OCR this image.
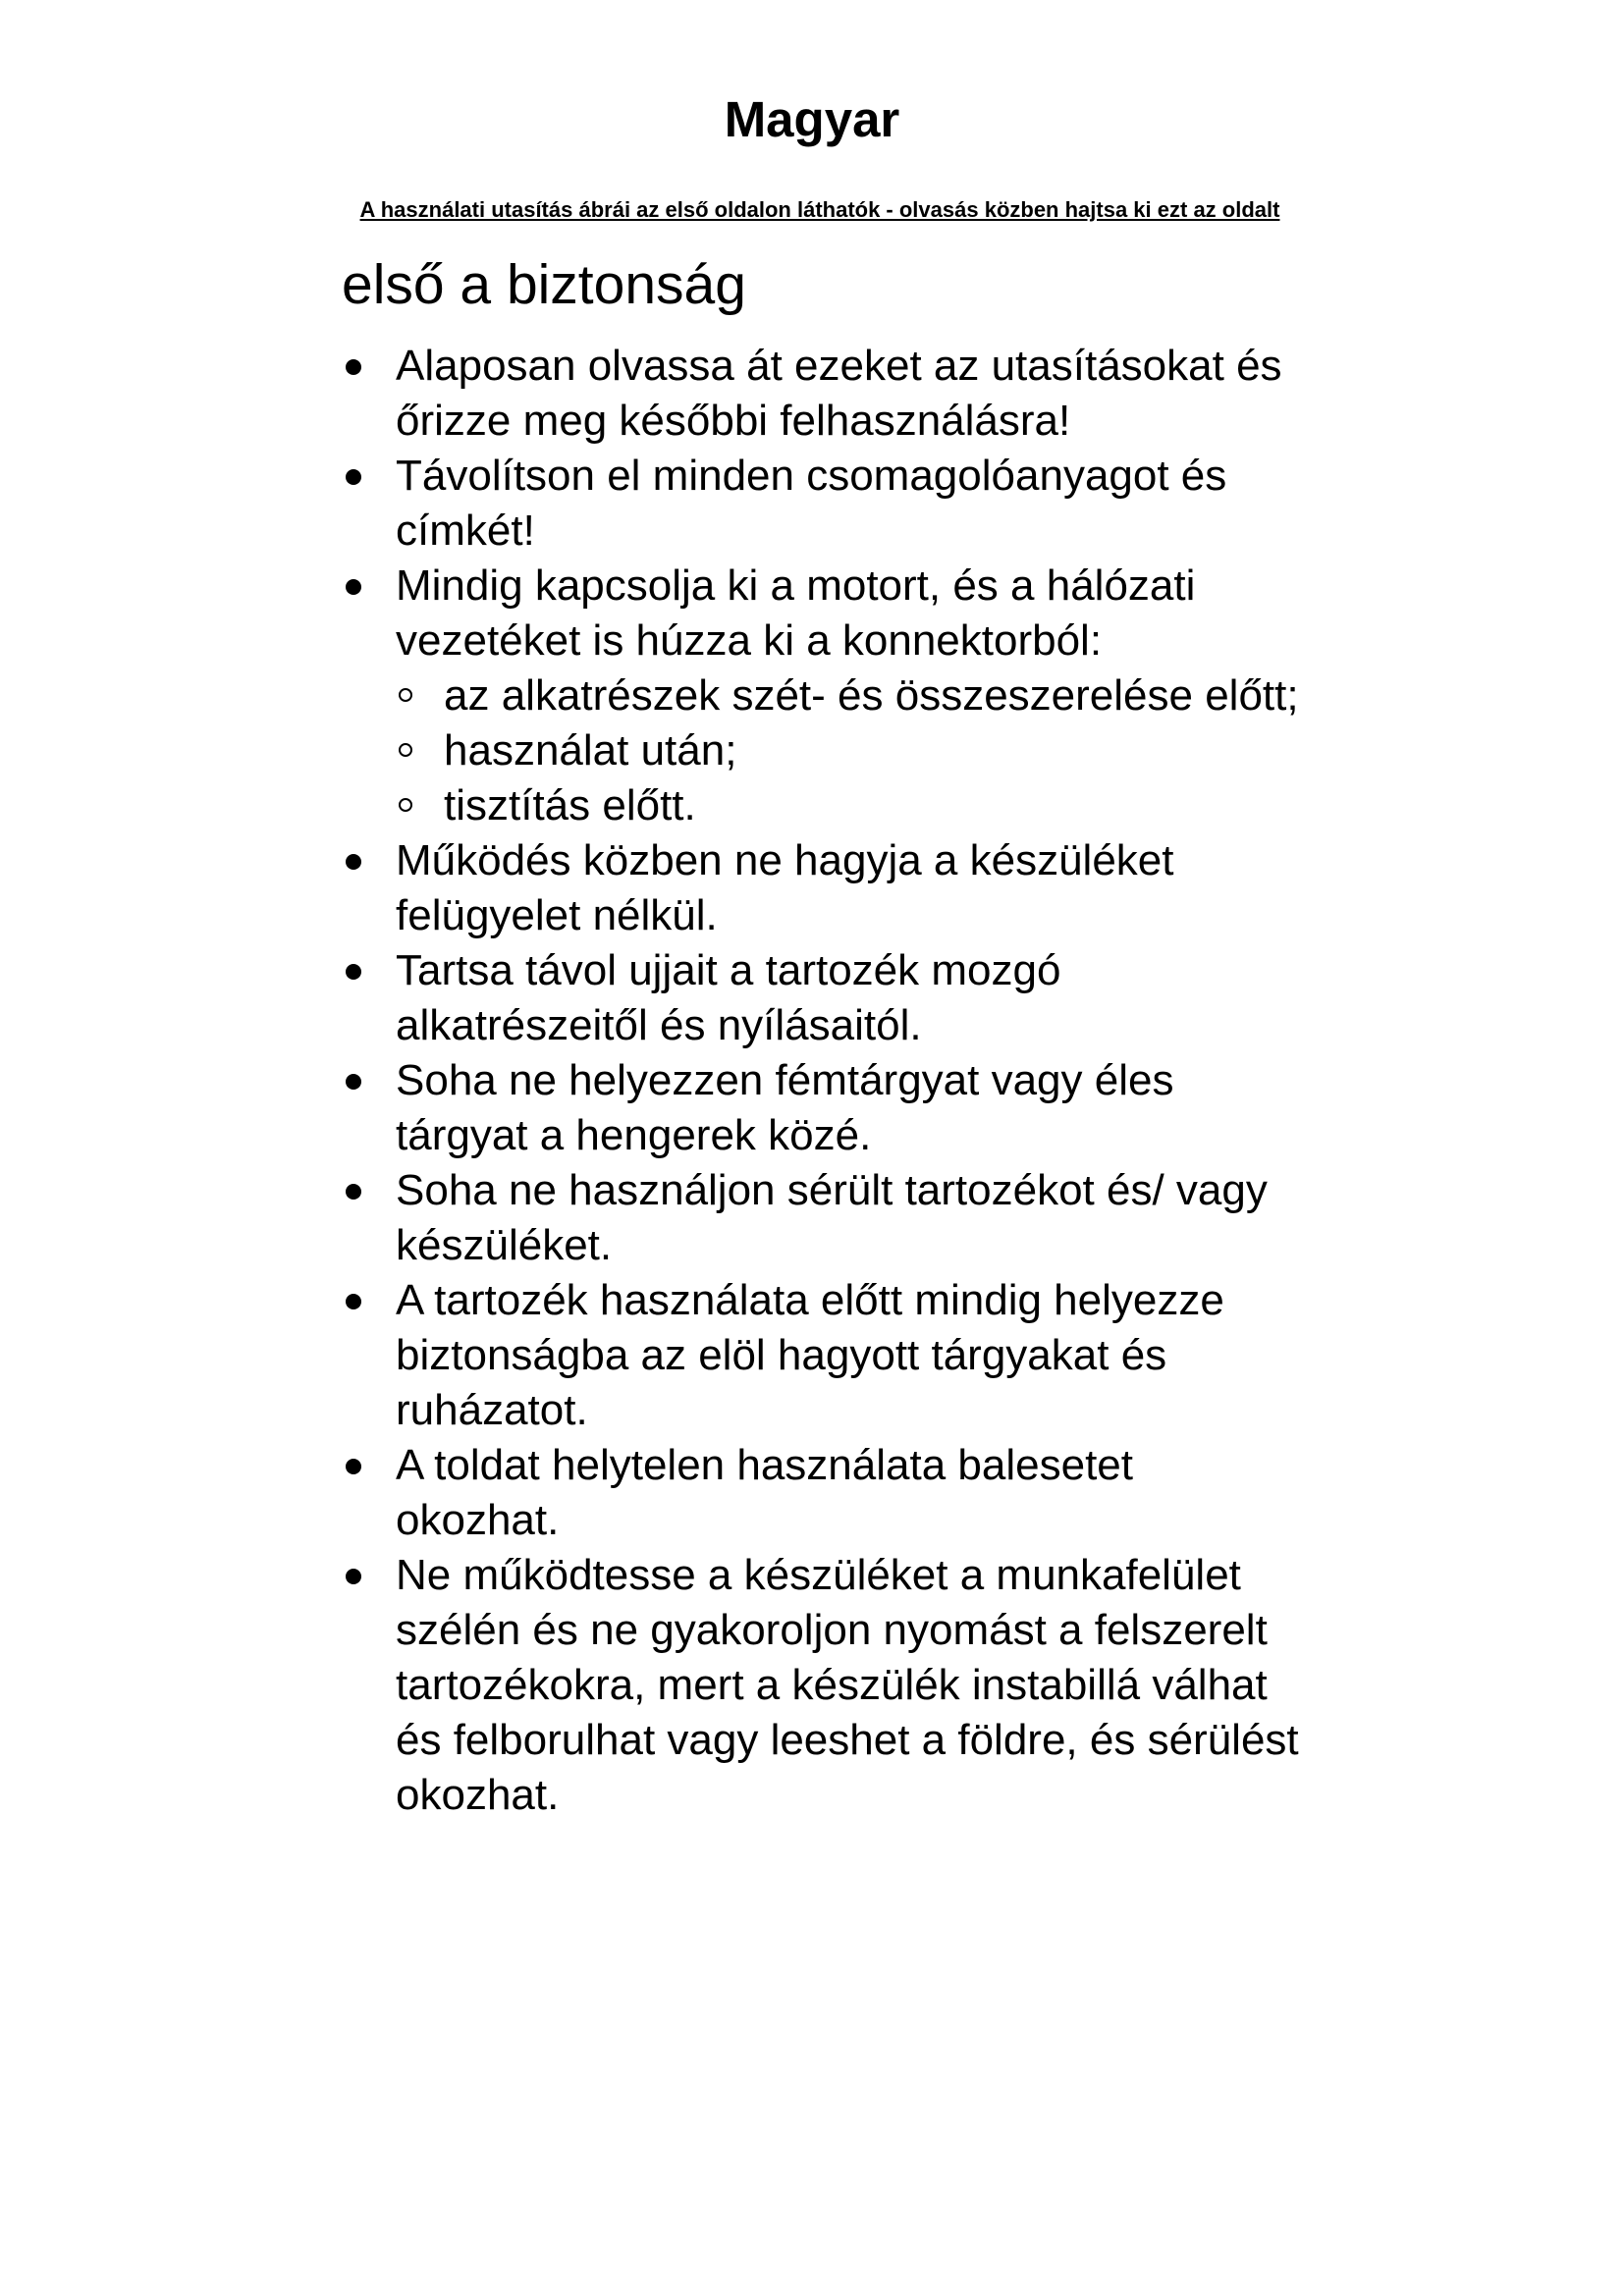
Magyar

A használati utasítás ábrái az első oldalon láthatók - olvasás közben hajtsa ki ezt az oldalt

első a biztonság
Alaposan olvassa át ezeket az utasításokat és őrizze meg későbbi felhasználásra!
Távolítson el minden csomagolóanyagot és címkét!
Mindig kapcsolja ki a motort, és a hálózati vezetéket is húzza ki a konnektorból:
az alkatrészek szét- és összeszerelése előtt;
használat után;
tisztítás előtt.
Működés közben ne hagyja a készüléket felügyelet nélkül.
Tartsa távol ujjait a tartozék mozgó alkatrészeitől és nyílásaitól.
Soha ne helyezzen fémtárgyat vagy éles tárgyat a hengerek közé.
Soha ne használjon sérült tartozékot és/ vagy készüléket.
A tartozék használata előtt mindig helyezze biztonságba az elöl hagyott tárgyakat és ruházatot.
A toldat helytelen használata balesetet okozhat.
Ne működtesse a készüléket a munkafelület szélén és ne gyakoroljon nyomást a felszerelt tartozékokra, mert a készülék instabillá válhat és felborulhat vagy leeshet a földre, és sérülést okozhat.
